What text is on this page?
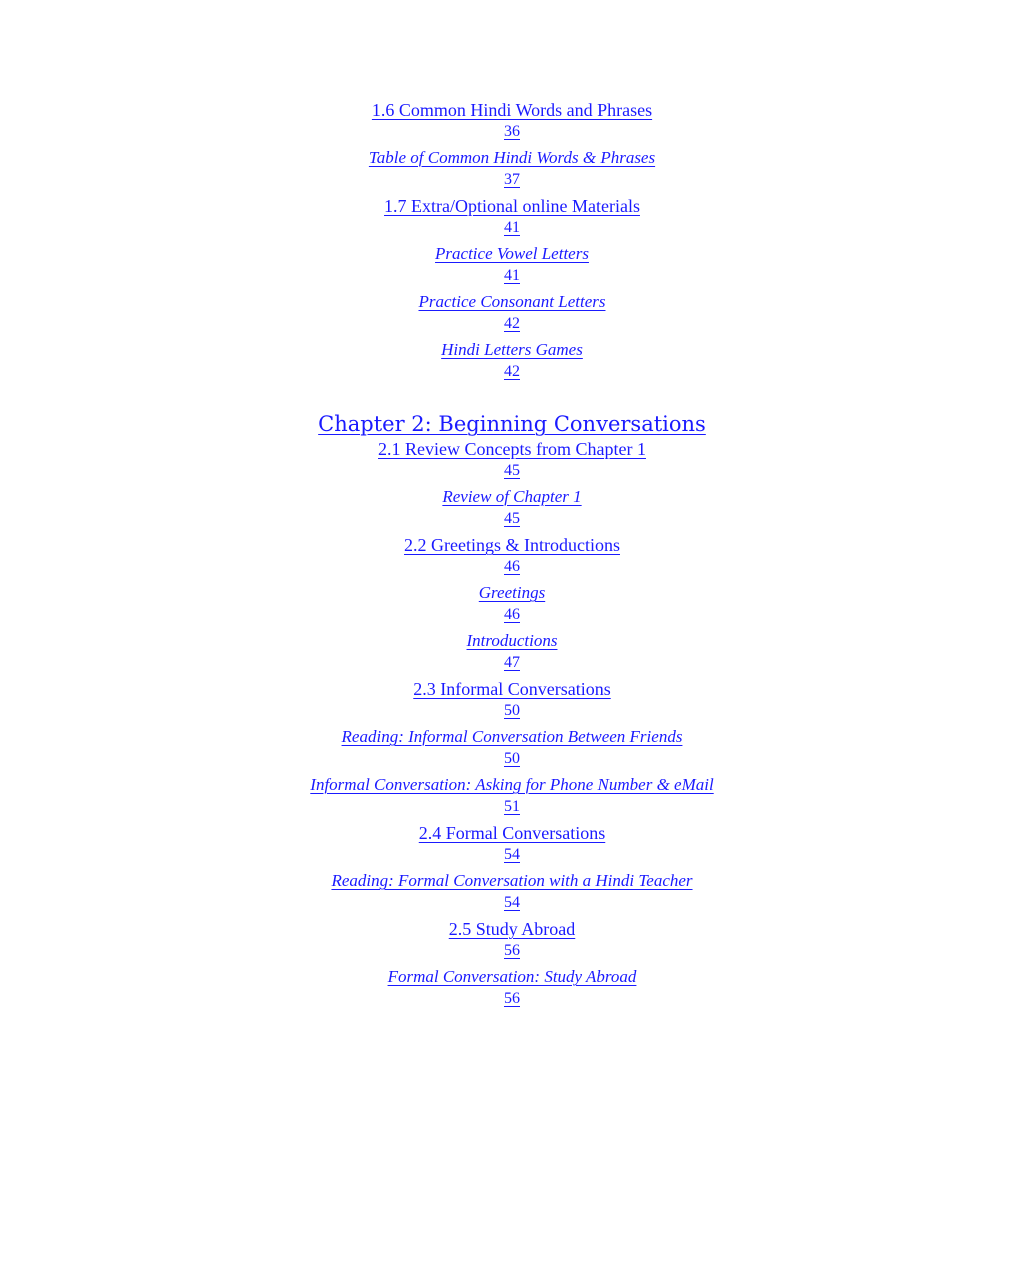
1.6 Common Hindi Words and Phrases
36
Table of Common Hindi Words & Phrases
37
1.7 Extra/Optional online Materials
41
Practice Vowel Letters
41
Practice Consonant Letters
42
Hindi Letters Games
42
Chapter 2: Beginning Conversations
2.1 Review Concepts from Chapter 1
45
Review of Chapter 1
45
2.2 Greetings & Introductions
46
Greetings
46
Introductions
47
2.3 Informal Conversations
50
Reading: Informal Conversation Between Friends
50
Informal Conversation: Asking for Phone Number & eMail
51
2.4 Formal Conversations
54
Reading: Formal Conversation with a Hindi Teacher
54
2.5 Study Abroad
56
Formal Conversation: Study Abroad
56
